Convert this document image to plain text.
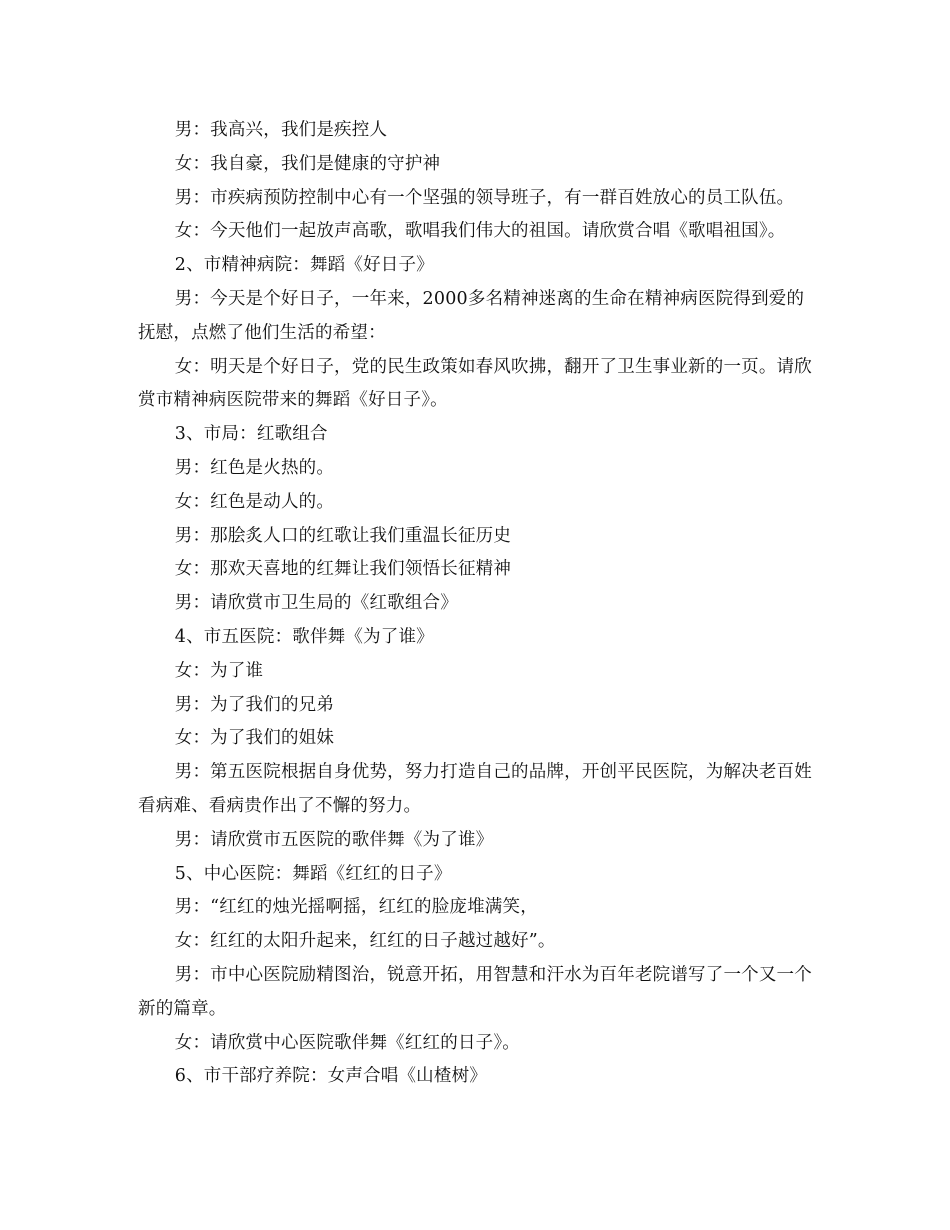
男：我高兴，我们是疾控人

女：我自豪，我们是健康的守护神

男：市疾病预防控制中心有一个坚强的领导班子，有一群百姓放心的员工队伍。

女：今天他们一起放声高歌，歌唱我们伟大的祖国。请欣赏合唱《歌唱祖国》。

2、市精神病院：舞蹈《好日子》

男：今天是个好日子，一年来，2000多名精神迷离的生命在精神病医院得到爱的抚慰，点燃了他们生活的希望：

女：明天是个好日子，党的民生政策如春风吹拂，翻开了卫生事业新的一页。请欣赏市精神病医院带来的舞蹈《好日子》。

3、市局：红歌组合

男：红色是火热的。

女：红色是动人的。

男：那脍炙人口的红歌让我们重温长征历史

女：那欢天喜地的红舞让我们领悟长征精神

男：请欣赏市卫生局的《红歌组合》

4、市五医院：歌伴舞《为了谁》

女：为了谁

男：为了我们的兄弟

女：为了我们的姐妹

男：第五医院根据自身优势，努力打造自己的品牌，开创平民医院，为解决老百姓看病难、看病贵作出了不懈的努力。

男：请欣赏市五医院的歌伴舞《为了谁》

5、中心医院：舞蹈《红红的日子》

男：“红红的烛光摇啊摇，红红的脸庞堆满笑，

女：红红的太阳升起来，红红的日子越过越好”。

男：市中心医院励精图治，锐意开拓，用智慧和汗水为百年老院谱写了一个又一个新的篇章。

女：请欣赏中心医院歌伴舞《红红的日子》。

6、市干部疗养院：女声合唱《山楂树》
